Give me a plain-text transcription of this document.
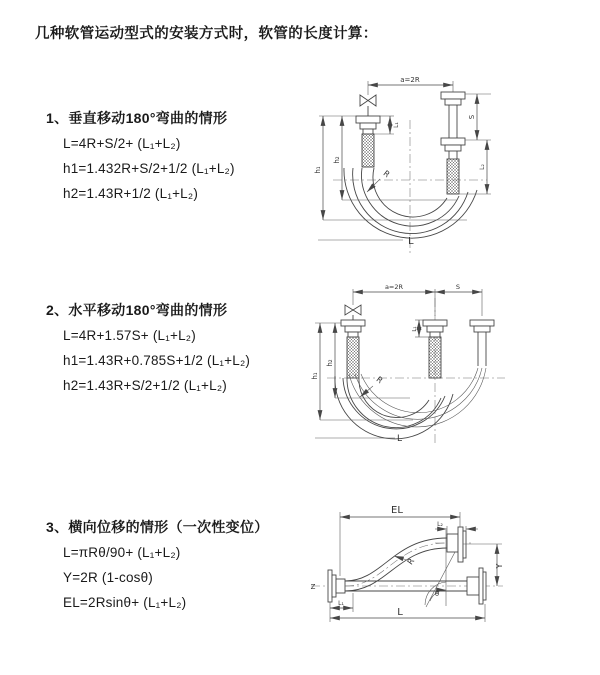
几种软管运动型式的安装方式时，软管的长度计算：
1、垂直移动180°弯曲的情形
L=4R+S/2+ (L₁+L₂)
h1=1.432R+S/2+1/2 (L₁+L₂)
h2=1.43R+1/2 (L₁+L₂)
2、水平移动180°弯曲的情形
L=4R+1.57S+ (L₁+L₂)
h1=1.43R+0.785S+1/2 (L₁+L₂)
h2=1.43R+S/2+1/2 (L₁+L₂)
3、横向位移的情形（一次性变位）
L=πRθ/90+ (L₁+L₂)
Y=2R (1-cosθ)
EL=2Rsinθ+ (L₁+L₂)
a=2R
S
L₂
L₁
h₁
h₂
R
L
a=2R	S
L₁
h₂
h₁	R
L
Z
EL
L₂
Y
θ
R
L₁
L
